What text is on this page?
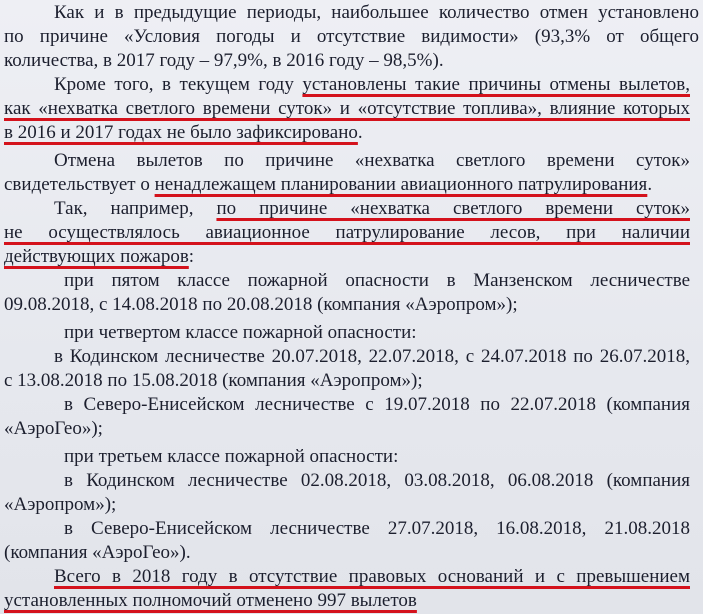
Как и в предыдущие периоды, наибольшее количество отмен установлено
по причине «Условия погоды и отсутствие видимости» (93,3% от общего
количества, в 2017 году – 97,9%, в 2016 году – 98,5%).
Кроме того, в текущем году установлены такие причины отмены вылетов,
как «нехватка светлого времени суток» и «отсутствие топлива», влияние которых
в 2016 и 2017 годах не было зафиксировано.
Отмена вылетов по причине «нехватка светлого времени суток»
свидетельствует о ненадлежащем планировании авиационного патрулирования.
Так, например, по причине «нехватка светлого времени суток»
не осуществлялось авиационное патрулирование лесов, при наличии
действующих пожаров:
при пятом классе пожарной опасности в Манзенском лесничестве
09.08.2018, с 14.08.2018 по 20.08.2018 (компания «Аэропром»);
при четвертом классе пожарной опасности:
в Кодинском лесничестве 20.07.2018, 22.07.2018, с 24.07.2018 по 26.07.2018,
с 13.08.2018 по 15.08.2018 (компания «Аэропром»);
в Северо-Енисейском лесничестве с 19.07.2018 по 22.07.2018 (компания
«АэроГео»);
при третьем классе пожарной опасности:
в Кодинском лесничестве 02.08.2018, 03.08.2018, 06.08.2018 (компания
«Аэропром»);
в Северо-Енисейском лесничестве 27.07.2018, 16.08.2018, 21.08.2018
(компания «АэроГео»).
Всего в 2018 году в отсутствие правовых оснований и с превышением
установленных полномочий отменено 997 вылетов
